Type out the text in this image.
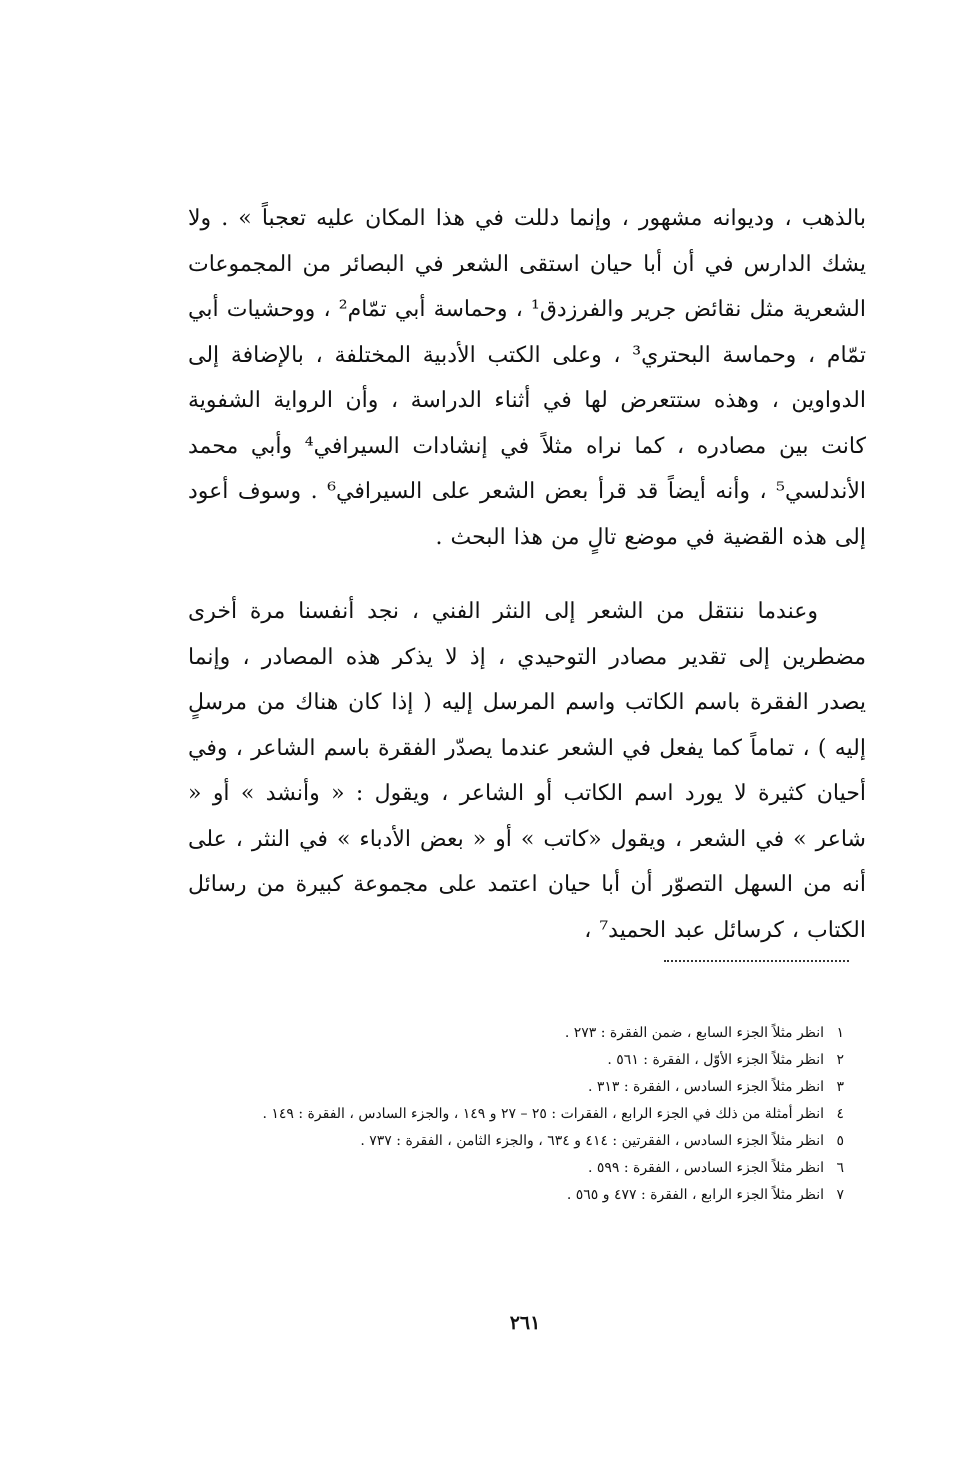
بالذهب ، وديوانه مشهور ، وإنما دللت في هذا المكان عليه تعجباً » . ولا يشك الدارس في أن أبا حيان استقى الشعر في البصائر من المجموعات الشعرية مثل نقائض جرير والفرزدق¹ ، وحماسة أبي تمّام² ، ووحشيات أبي تمّام ، وحماسة البحتري³ ، وعلى الكتب الأدبية المختلفة ، بالإضافة إلى الدواوين ، وهذه ستتعرض لها في أثناء الدراسة ، وأن الرواية الشفوية كانت بين مصادره ، كما نراه مثلاً في إنشادات السيرافي⁴ وأبي محمد الأندلسي⁵ ، وأنه أيضاً قد قرأ بعض الشعر على السيرافي⁶ . وسوف أعود إلى هذه القضية في موضع تالٍ من هذا البحث .

وعندما ننتقل من الشعر إلى النثر الفني ، نجد أنفسنا مرة أخرى مضطرين إلى تقدير مصادر التوحيدي ، إذ لا يذكر هذه المصادر ، وإنما يصدر الفقرة باسم الكاتب واسم المرسل إليه ( إذا كان هناك من مرسلٍ إليه ) ، تماماً كما يفعل في الشعر عندما يصدّر الفقرة باسم الشاعر ، وفي أحيان كثيرة لا يورد اسم الكاتب أو الشاعر ، ويقول : « وأنشد » أو « شاعر » في الشعر ، ويقول «كاتب » أو « بعض الأدباء » في النثر ، على أنه من السهل التصوّر أن أبا حيان اعتمد على مجموعة كبيرة من رسائل الكتاب ، كرسائل عبد الحميد⁷ ،

١
انظر مثلاً الجزء السابع ، ضمن الفقرة : ٢٧٣ .
٢
انظر مثلاً الجزء الأوّل ، الفقرة : ٥٦١ .
٣
انظر مثلاً الجزء السادس ، الفقرة : ٣١٣ .
٤
انظر أمثلة من ذلك في الجزء الرابع ، الفقرات : ٢٥ – ٢٧ و ١٤٩ ، والجزء السادس ، الفقرة : ١٤٩ .
٥
انظر مثلاً الجزء السادس ، الفقرتين : ٤١٤ و ٦٣٤ ، والجزء الثامن ، الفقرة : ٧٣٧ .
٦
انظر مثلاً الجزء السادس ، الفقرة : ٥٩٩ .
٧
انظر مثلاً الجزء الرابع ، الفقرة : ٤٧٧ و ٥٦٥ .
٢٦١
